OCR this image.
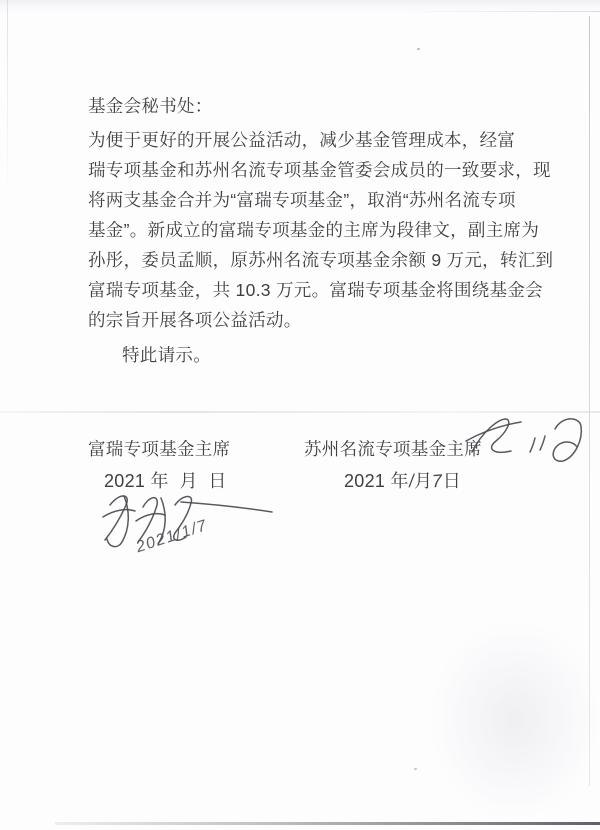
基金会秘书处：
为便于更好的开展公益活动，减少基金管理成本，经富
瑞专项基金和苏州名流专项基金管委会成员的一致要求，现
将两支基金合并为“富瑞专项基金”，取消“苏州名流专项
基金”。新成立的富瑞专项基金的主席为段律文，副主席为
孙彤，委员孟顺，原苏州名流专项基金余额 9 万元，转汇到
富瑞专项基金，共 10.3 万元。富瑞专项基金将围绕基金会
的宗旨开展各项公益活动。
特此请示。
富瑞专项基金主席
2021 年  月  日
2021/1/7
苏州名流专项基金主席
2021 年/月7日
